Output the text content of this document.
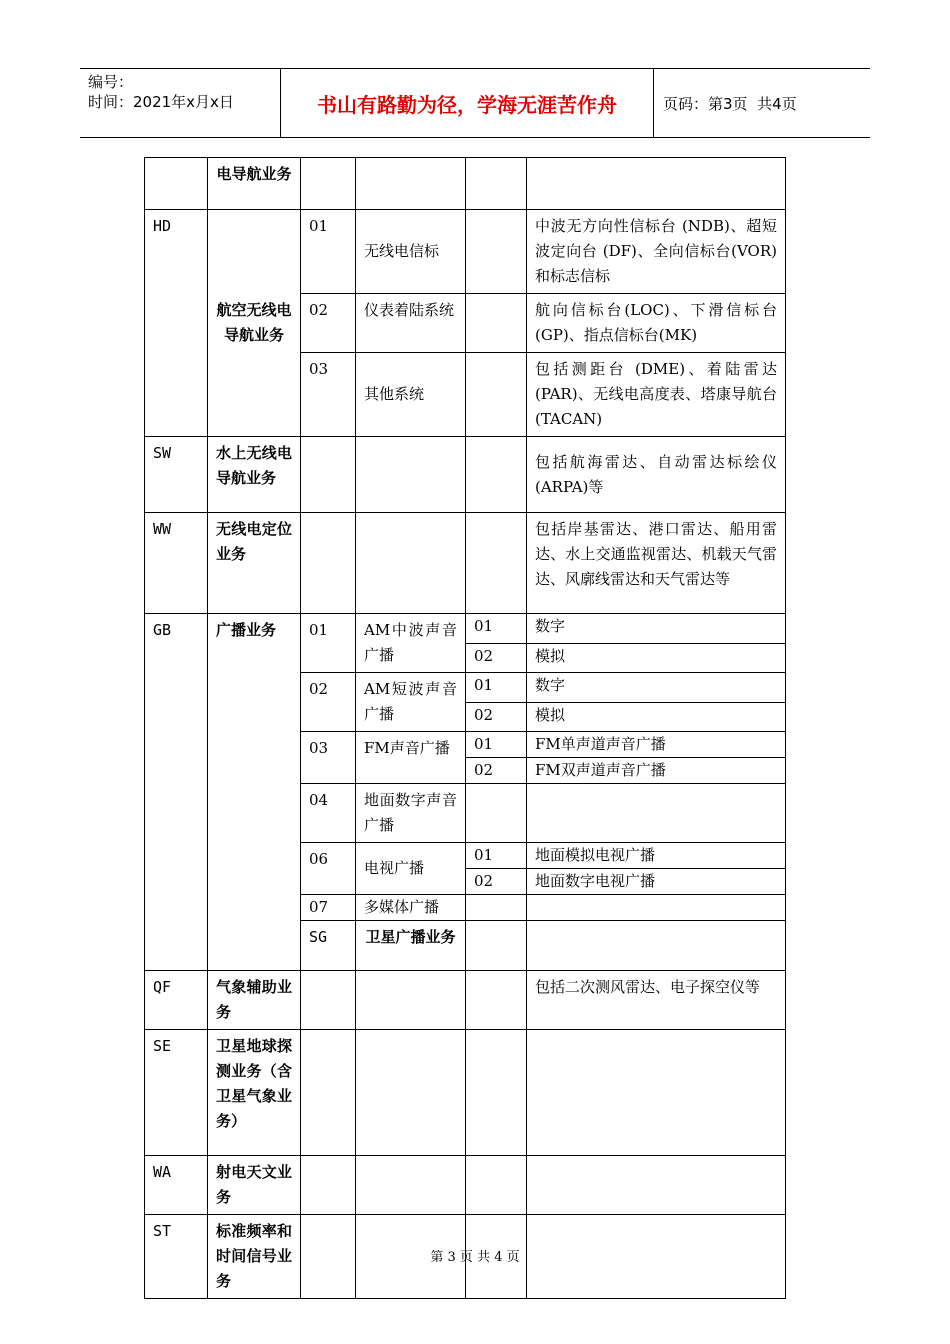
编号：
时间：2021年x月x日	书山有路勤为径，学海无涯苦作舟	页码：第3页  共4页
	电导航业务					
HD	航空无线电导航业务	01	无线电信标		中波无方向性信标台 (NDB)、超短波定向台 (DF)、全向信标台(VOR)和标志信标	
		02	仪表着陆系统		航向信标台(LOC)、下滑信标台(GP)、指点信标台(MK)	
		03	其他系统		包括测距台 (DME)、着陆雷达(PAR)、无线电高度表、塔康导航台 (TACAN)	
SW	水上无线电导航业务				包括航海雷达、自动雷达标绘仪(ARPA)等	
WW	无线电定位业务				包括岸基雷达、港口雷达、船用雷达、水上交通监视雷达、机载天气雷达、风廓线雷达和天气雷达等	
GB	广播业务	01	AM中波声音广播	01	数字	
				02	模拟	
		02	AM短波声音广播	01	数字	
				02	模拟	
		03	FM声音广播	01	FM单声道声音广播	
				02	FM双声道声音广播	
		04	地面数字声音广播			
		06	电视广播	01	地面模拟电视广播	
				02	地面数字电视广播	
		07	多媒体广播			
		SG	卫星广播业务				
QF	气象辅助业务				包括二次测风雷达、电子探空仪等	
SE	卫星地球探测业务（含卫星气象业务）					
WA	射电天文业务					
ST	标准频率和时间信号业务					
第 3 页 共 4 页
